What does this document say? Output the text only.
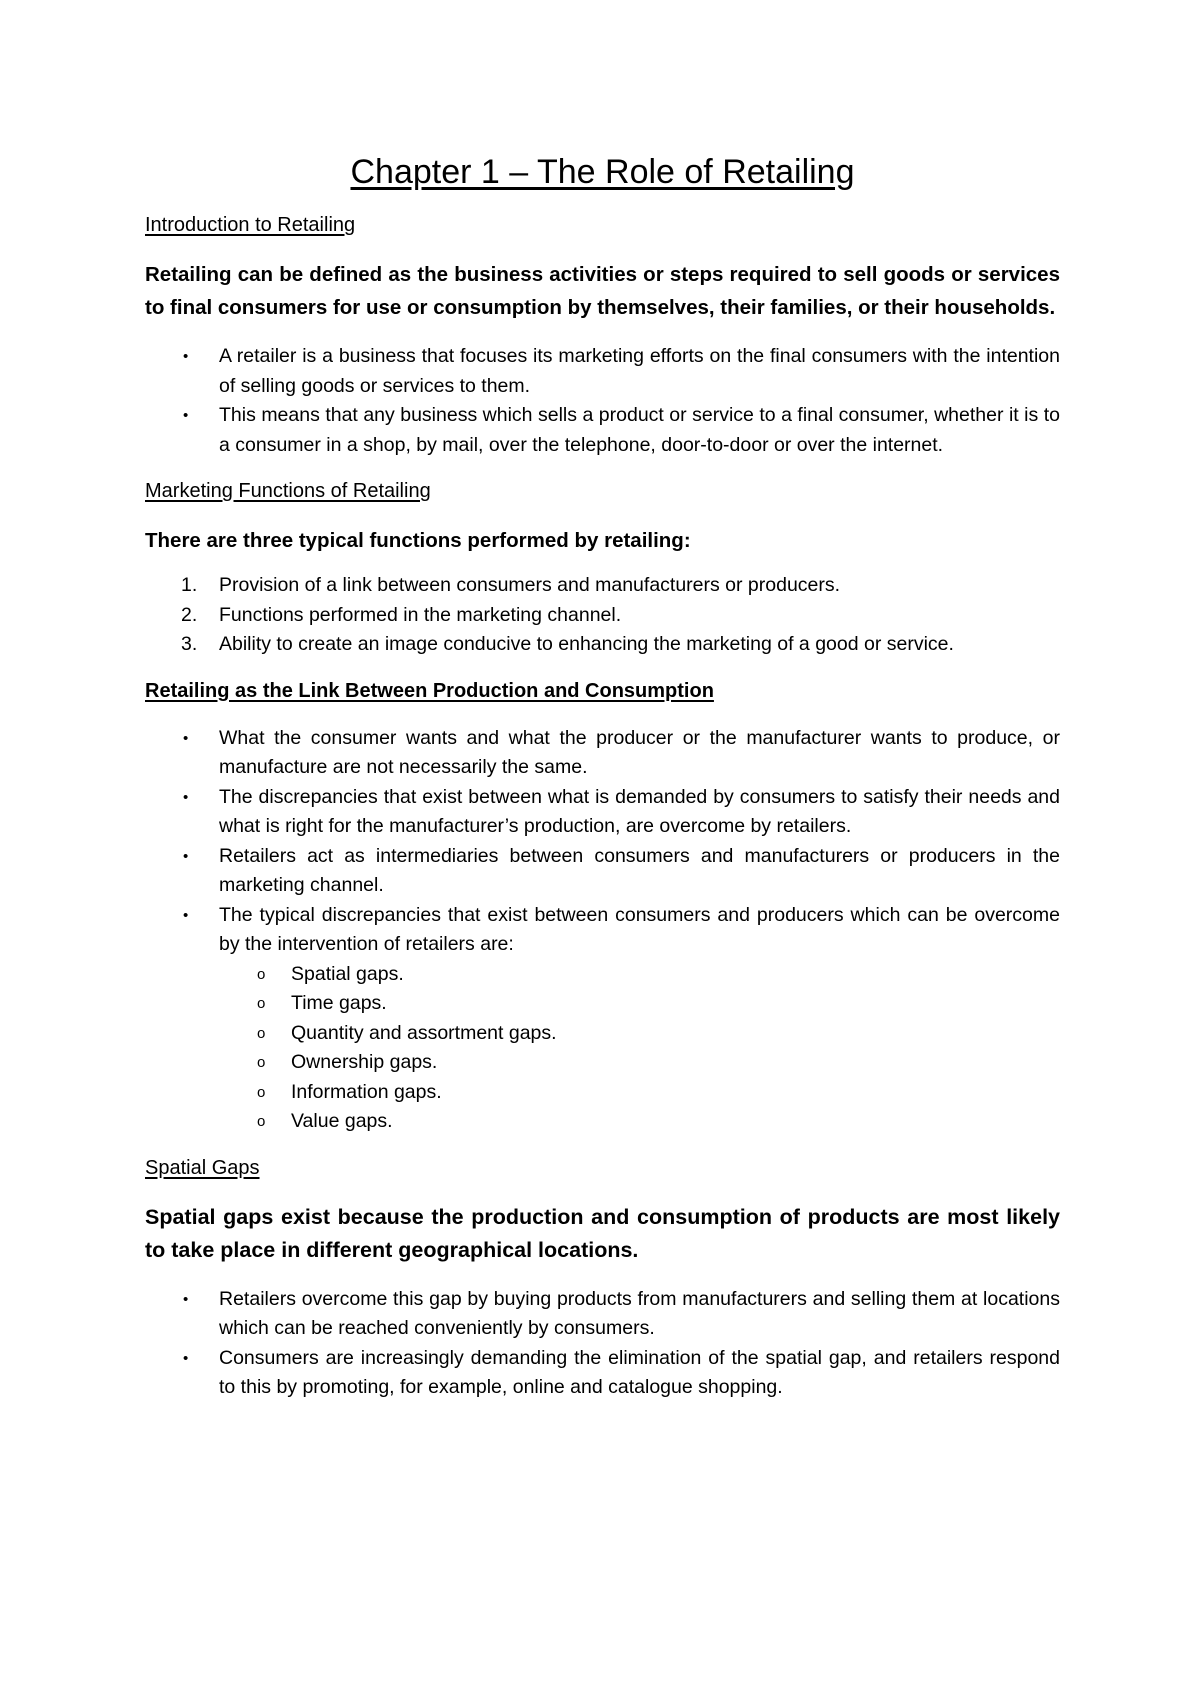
Chapter 1 – The Role of Retailing
Introduction to Retailing

Retailing can be defined as the business activities or steps required to sell goods or services to final consumers for use or consumption by themselves, their families, or their households.

• A retailer is a business that focuses its marketing efforts on the final consumers with the intention of selling goods or services to them.
• This means that any business which sells a product or service to a final consumer, whether it is to a consumer in a shop, by mail, over the telephone, door-to-door or over the internet.
Marketing Functions of Retailing

There are three typical functions performed by retailing:

1. Provision of a link between consumers and manufacturers or producers.
2. Functions performed in the marketing channel.
3. Ability to create an image conducive to enhancing the marketing of a good or service.
Retailing as the Link Between Production and Consumption
• What the consumer wants and what the producer or the manufacturer wants to produce, or manufacture are not necessarily the same.
• The discrepancies that exist between what is demanded by consumers to satisfy their needs and what is right for the manufacturer’s production, are overcome by retailers.
• Retailers act as intermediaries between consumers and manufacturers or producers in the marketing channel.
• The typical discrepancies that exist between consumers and producers which can be overcome by the intervention of retailers are:
o Spatial gaps.
o Time gaps.
o Quantity and assortment gaps.
o Ownership gaps.
o Information gaps.
o Value gaps.
Spatial Gaps

Spatial gaps exist because the production and consumption of products are most likely to take place in different geographical locations.

• Retailers overcome this gap by buying products from manufacturers and selling them at locations which can be reached conveniently by consumers.
• Consumers are increasingly demanding the elimination of the spatial gap, and retailers respond to this by promoting, for example, online and catalogue shopping.
